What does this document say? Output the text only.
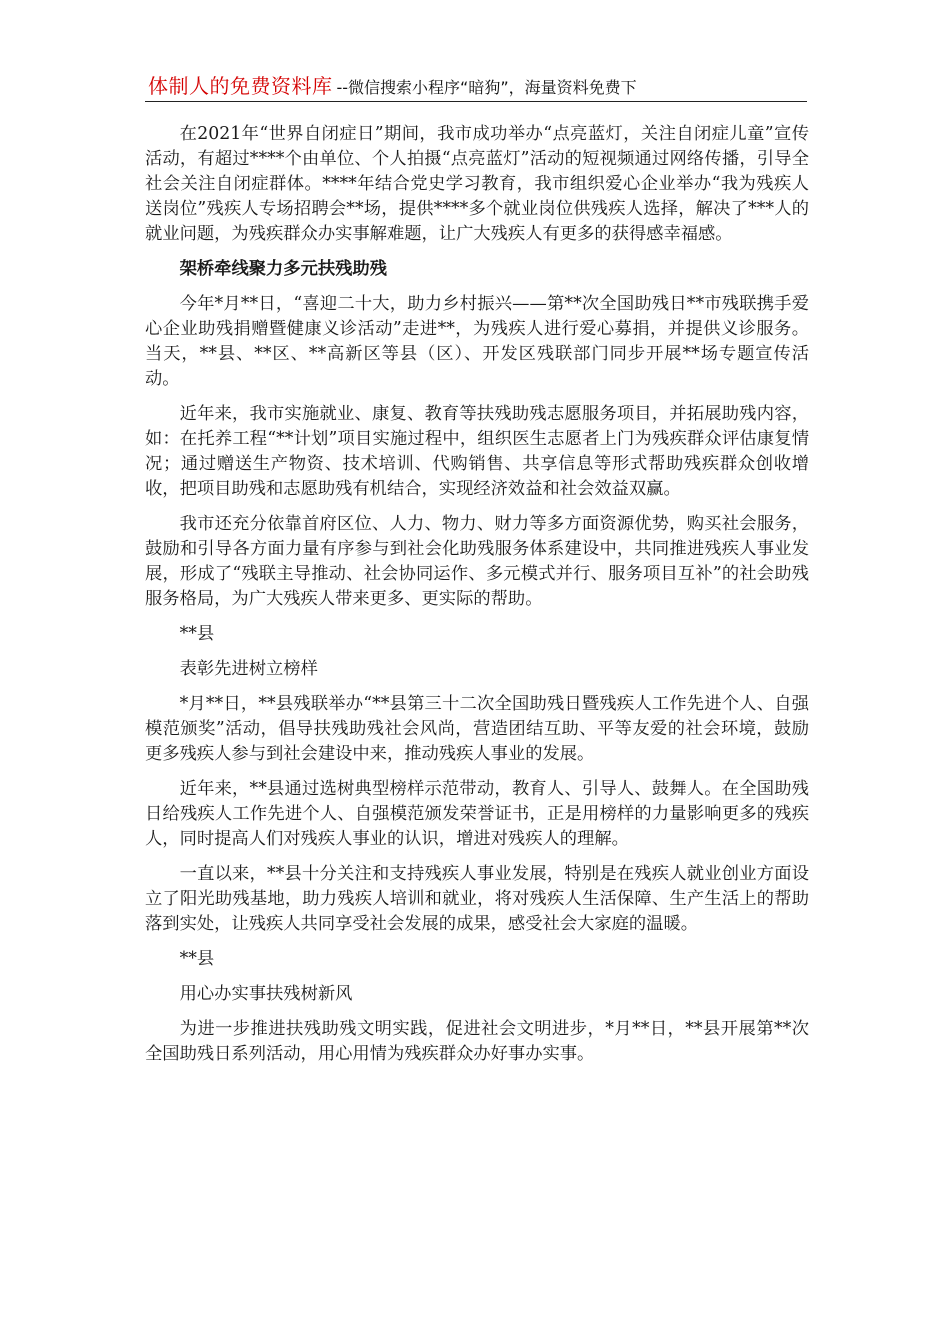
体制人的免费资料库 --微信搜索小程序“暗狗”，海量资料免费下

在2021年“世界自闭症日”期间，我市成功举办“点亮蓝灯，关注自闭症儿童”宣传活动，有超过****个由单位、个人拍摄“点亮蓝灯”活动的短视频通过网络传播，引导全社会关注自闭症群体。****年结合党史学习教育，我市组织爱心企业举办“我为残疾人送岗位”残疾人专场招聘会**场，提供****多个就业岗位供残疾人选择，解决了***人的就业问题，为残疾群众办实事解难题，让广大残疾人有更多的获得感幸福感。

架桥牵线聚力多元扶残助残

今年*月**日，“喜迎二十大，助力乡村振兴——第**次全国助残日**市残联携手爱心企业助残捐赠暨健康义诊活动”走进**，为残疾人进行爱心募捐，并提供义诊服务。当天，**县、**区、**高新区等县（区）、开发区残联部门同步开展**场专题宣传活动。

近年来，我市实施就业、康复、教育等扶残助残志愿服务项目，并拓展助残内容，如：在托养工程“**计划”项目实施过程中，组织医生志愿者上门为残疾群众评估康复情况；通过赠送生产物资、技术培训、代购销售、共享信息等形式帮助残疾群众创收增收，把项目助残和志愿助残有机结合，实现经济效益和社会效益双赢。

我市还充分依靠首府区位、人力、物力、财力等多方面资源优势，购买社会服务，鼓励和引导各方面力量有序参与到社会化助残服务体系建设中，共同推进残疾人事业发展，形成了“残联主导推动、社会协同运作、多元模式并行、服务项目互补”的社会助残服务格局，为广大残疾人带来更多、更实际的帮助。

**县

表彰先进树立榜样

*月**日，**县残联举办“**县第三十二次全国助残日暨残疾人工作先进个人、自强模范颁奖”活动，倡导扶残助残社会风尚，营造团结互助、平等友爱的社会环境，鼓励更多残疾人参与到社会建设中来，推动残疾人事业的发展。

近年来，**县通过选树典型榜样示范带动，教育人、引导人、鼓舞人。在全国助残日给残疾人工作先进个人、自强模范颁发荣誉证书，正是用榜样的力量影响更多的残疾人，同时提高人们对残疾人事业的认识，增进对残疾人的理解。

一直以来，**县十分关注和支持残疾人事业发展，特别是在残疾人就业创业方面设立了阳光助残基地，助力残疾人培训和就业，将对残疾人生活保障、生产生活上的帮助落到实处，让残疾人共同享受社会发展的成果，感受社会大家庭的温暖。

**县

用心办实事扶残树新风

为进一步推进扶残助残文明实践，促进社会文明进步，*月**日，**县开展第**次全国助残日系列活动，用心用情为残疾群众办好事办实事。
